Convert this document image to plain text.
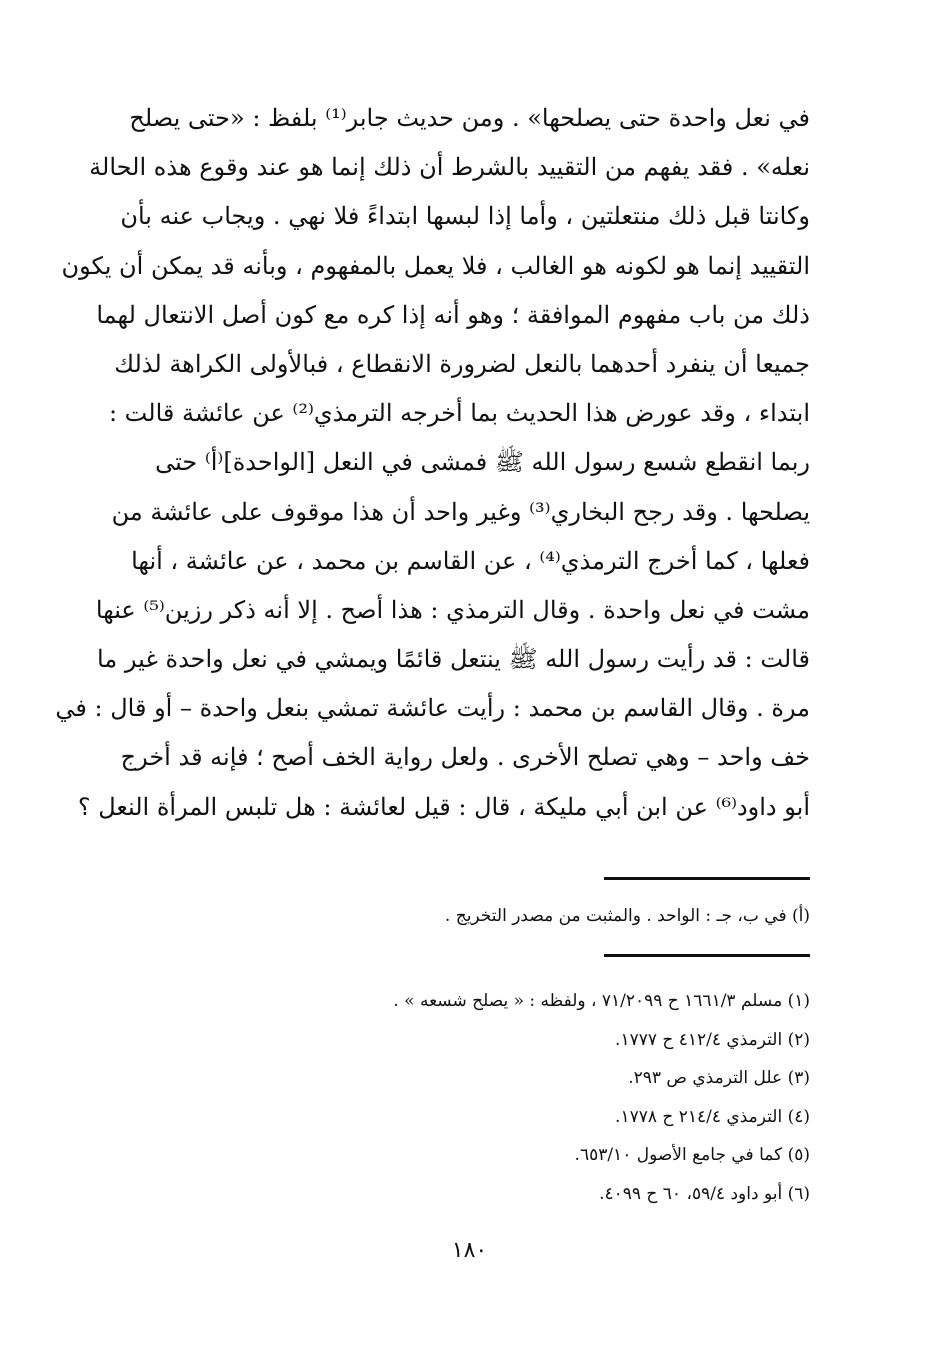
في نعل واحدة حتى يصلحها» . ومن حديث جابر⁽¹⁾ بلفظ : «حتى يصلح
نعله» . فقد يفهم من التقييد بالشرط أن ذلك إنما هو عند وقوع هذه الحالة
وكانتا قبل ذلك منتعلتين ، وأما إذا لبسها ابتداءً فلا نهي . ويجاب عنه بأن
التقييد إنما هو لكونه هو الغالب ، فلا يعمل بالمفهوم ، وبأنه قد يمكن أن يكون
ذلك من باب مفهوم الموافقة ؛ وهو أنه إذا كره مع كون أصل الانتعال لهما
جميعا أن ينفرد أحدهما بالنعل لضرورة الانقطاع ، فبالأولى الكراهة لذلك
ابتداء ، وقد عورض هذا الحديث بما أخرجه الترمذي⁽²⁾ عن عائشة قالت :
ربما انقطع شسع رسول الله ﷺ فمشى في النعل [الواحدة]⁽أ⁾ حتى
يصلحها . وقد رجح البخاري⁽³⁾ وغير واحد أن هذا موقوف على عائشة من
فعلها ، كما أخرج الترمذي⁽⁴⁾ ، عن القاسم بن محمد ، عن عائشة ، أنها
مشت في نعل واحدة . وقال الترمذي : هذا أصح . إلا أنه ذكر رزين⁽⁵⁾ عنها
قالت : قد رأيت رسول الله ﷺ ينتعل قائمًا ويمشي في نعل واحدة غير ما
مرة . وقال القاسم بن محمد : رأيت عائشة تمشي بنعل واحدة – أو قال : في
خف واحد – وهي تصلح الأخرى . ولعل رواية الخف أصح ؛ فإنه قد أخرج
أبو داود⁽⁶⁾ عن ابن أبي مليكة ، قال : قيل لعائشة : هل تلبس المرأة النعل ؟

(أ) في ب، جـ : الواحد . والمثبت من مصدر التخريج .

(١) مسلم ١٦٦١/٣ ح ٧١/٢٠٩٩ ، ولفظه : « يصلح شسعه » .
(٢) الترمذي ٤١٢/٤ ح ١٧٧٧.
(٣) علل الترمذي ص ٢٩٣.
(٤) الترمذي ٢١٤/٤ ح ١٧٧٨.
(٥) كما في جامع الأصول ٦٥٣/١٠.
(٦) أبو داود ٥٩/٤، ٦٠ ح ٤٠٩٩.
١٨٠
